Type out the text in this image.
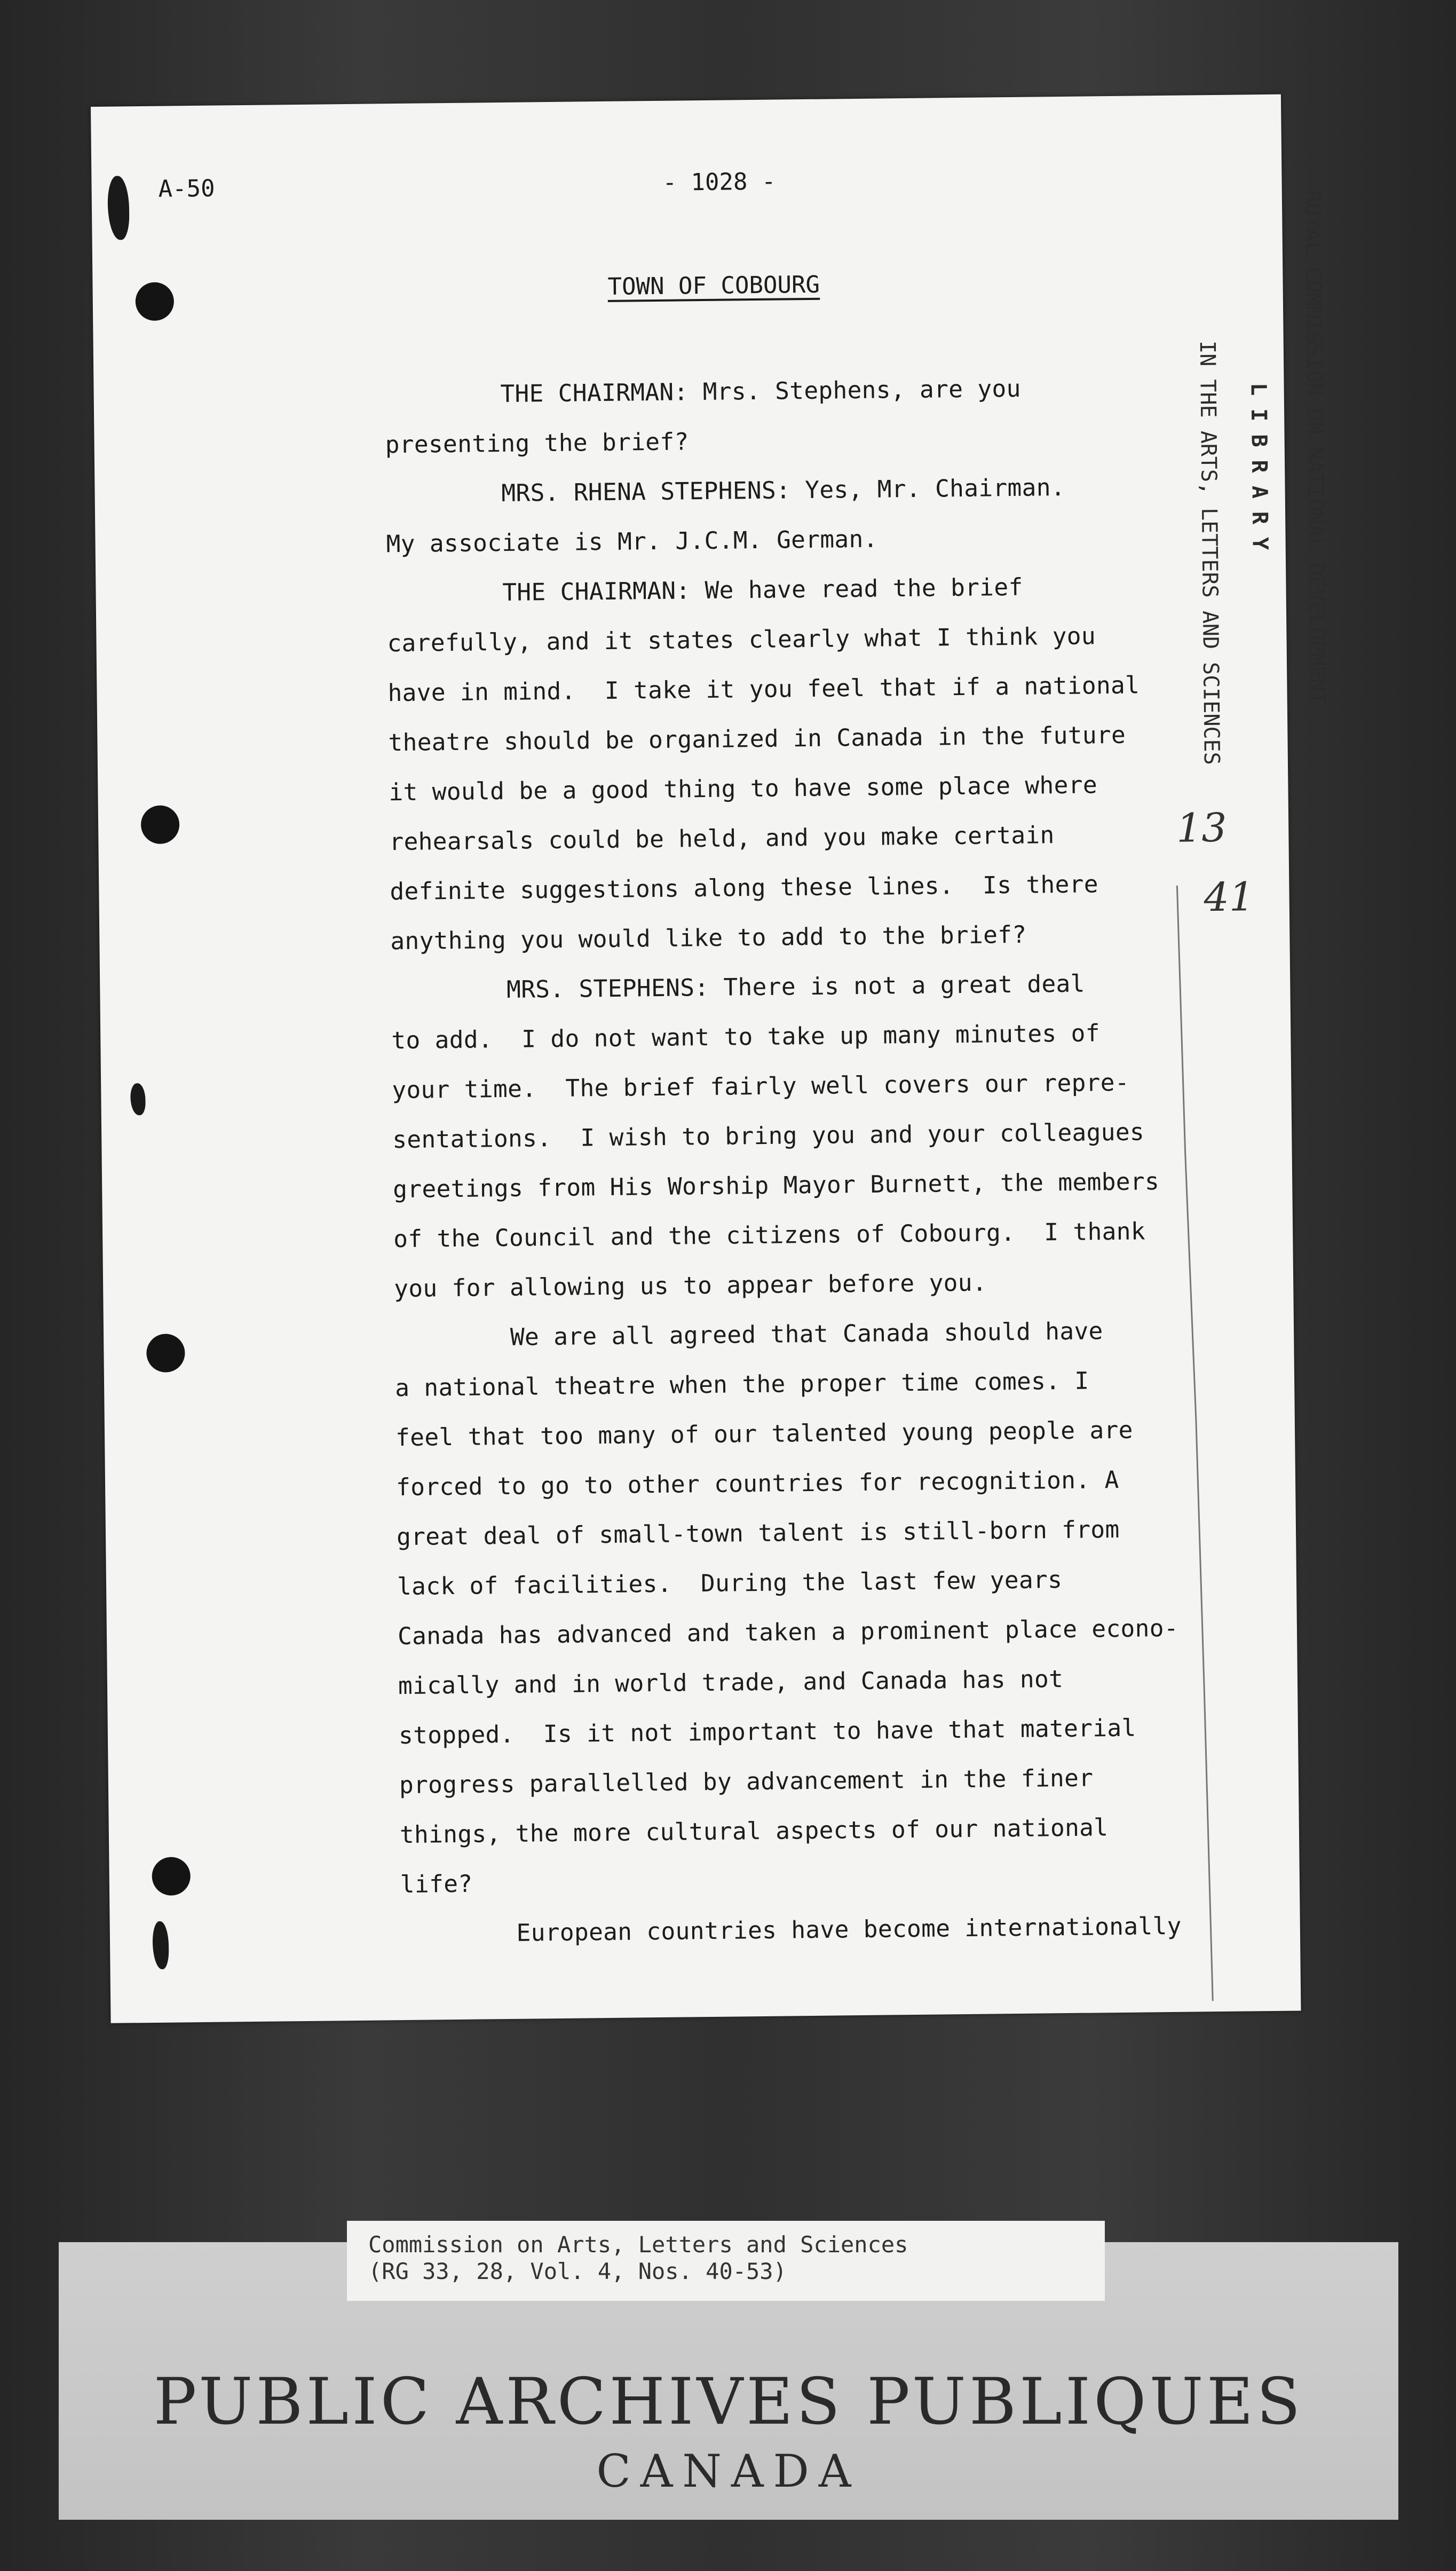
A-50	- 1028 -
TOWN OF COBOURG

THE CHAIRMAN: Mrs. Stephens, are you

presenting the brief?

MRS. RHENA STEPHENS: Yes, Mr. Chairman.

My associate is Mr. J.C.M. German.

THE CHAIRMAN: We have read the brief

carefully, and it states clearly what I think you

have in mind.  I take it you feel that if a national

theatre should be organized in Canada in the future

it would be a good thing to have some place where

rehearsals could be held, and you make certain

definite suggestions along these lines.  Is there

anything you would like to add to the brief?

MRS. STEPHENS: There is not a great deal

to add.  I do not want to take up many minutes of

your time.  The brief fairly well covers our repre-

sentations.  I wish to bring you and your colleagues

greetings from His Worship Mayor Burnett, the members

of the Council and the citizens of Cobourg.  I thank

you for allowing us to appear before you.

We are all agreed that Canada should have

a national theatre when the proper time comes. I

feel that too many of our talented young people are

forced to go to other countries for recognition. A

great deal of small-town talent is still-born from

lack of facilities.  During the last few years

Canada has advanced and taken a prominent place econo-

mically and in world trade, and Canada has not

stopped.  Is it not important to have that material

progress parallelled by advancement in the finer

things, the more cultural aspects of our national

life?

European countries have become internationally

ROYAL COMMISSION ON NATIONAL DEVELOPMENT
L I B R A R Y
IN THE ARTS, LETTERS AND SCIENCES
13
41
Commission on Arts, Letters and Sciences
(RG 33, 28, Vol. 4, Nos. 40-53)
PUBLIC ARCHIVES PUBLIQUES
CANADA
